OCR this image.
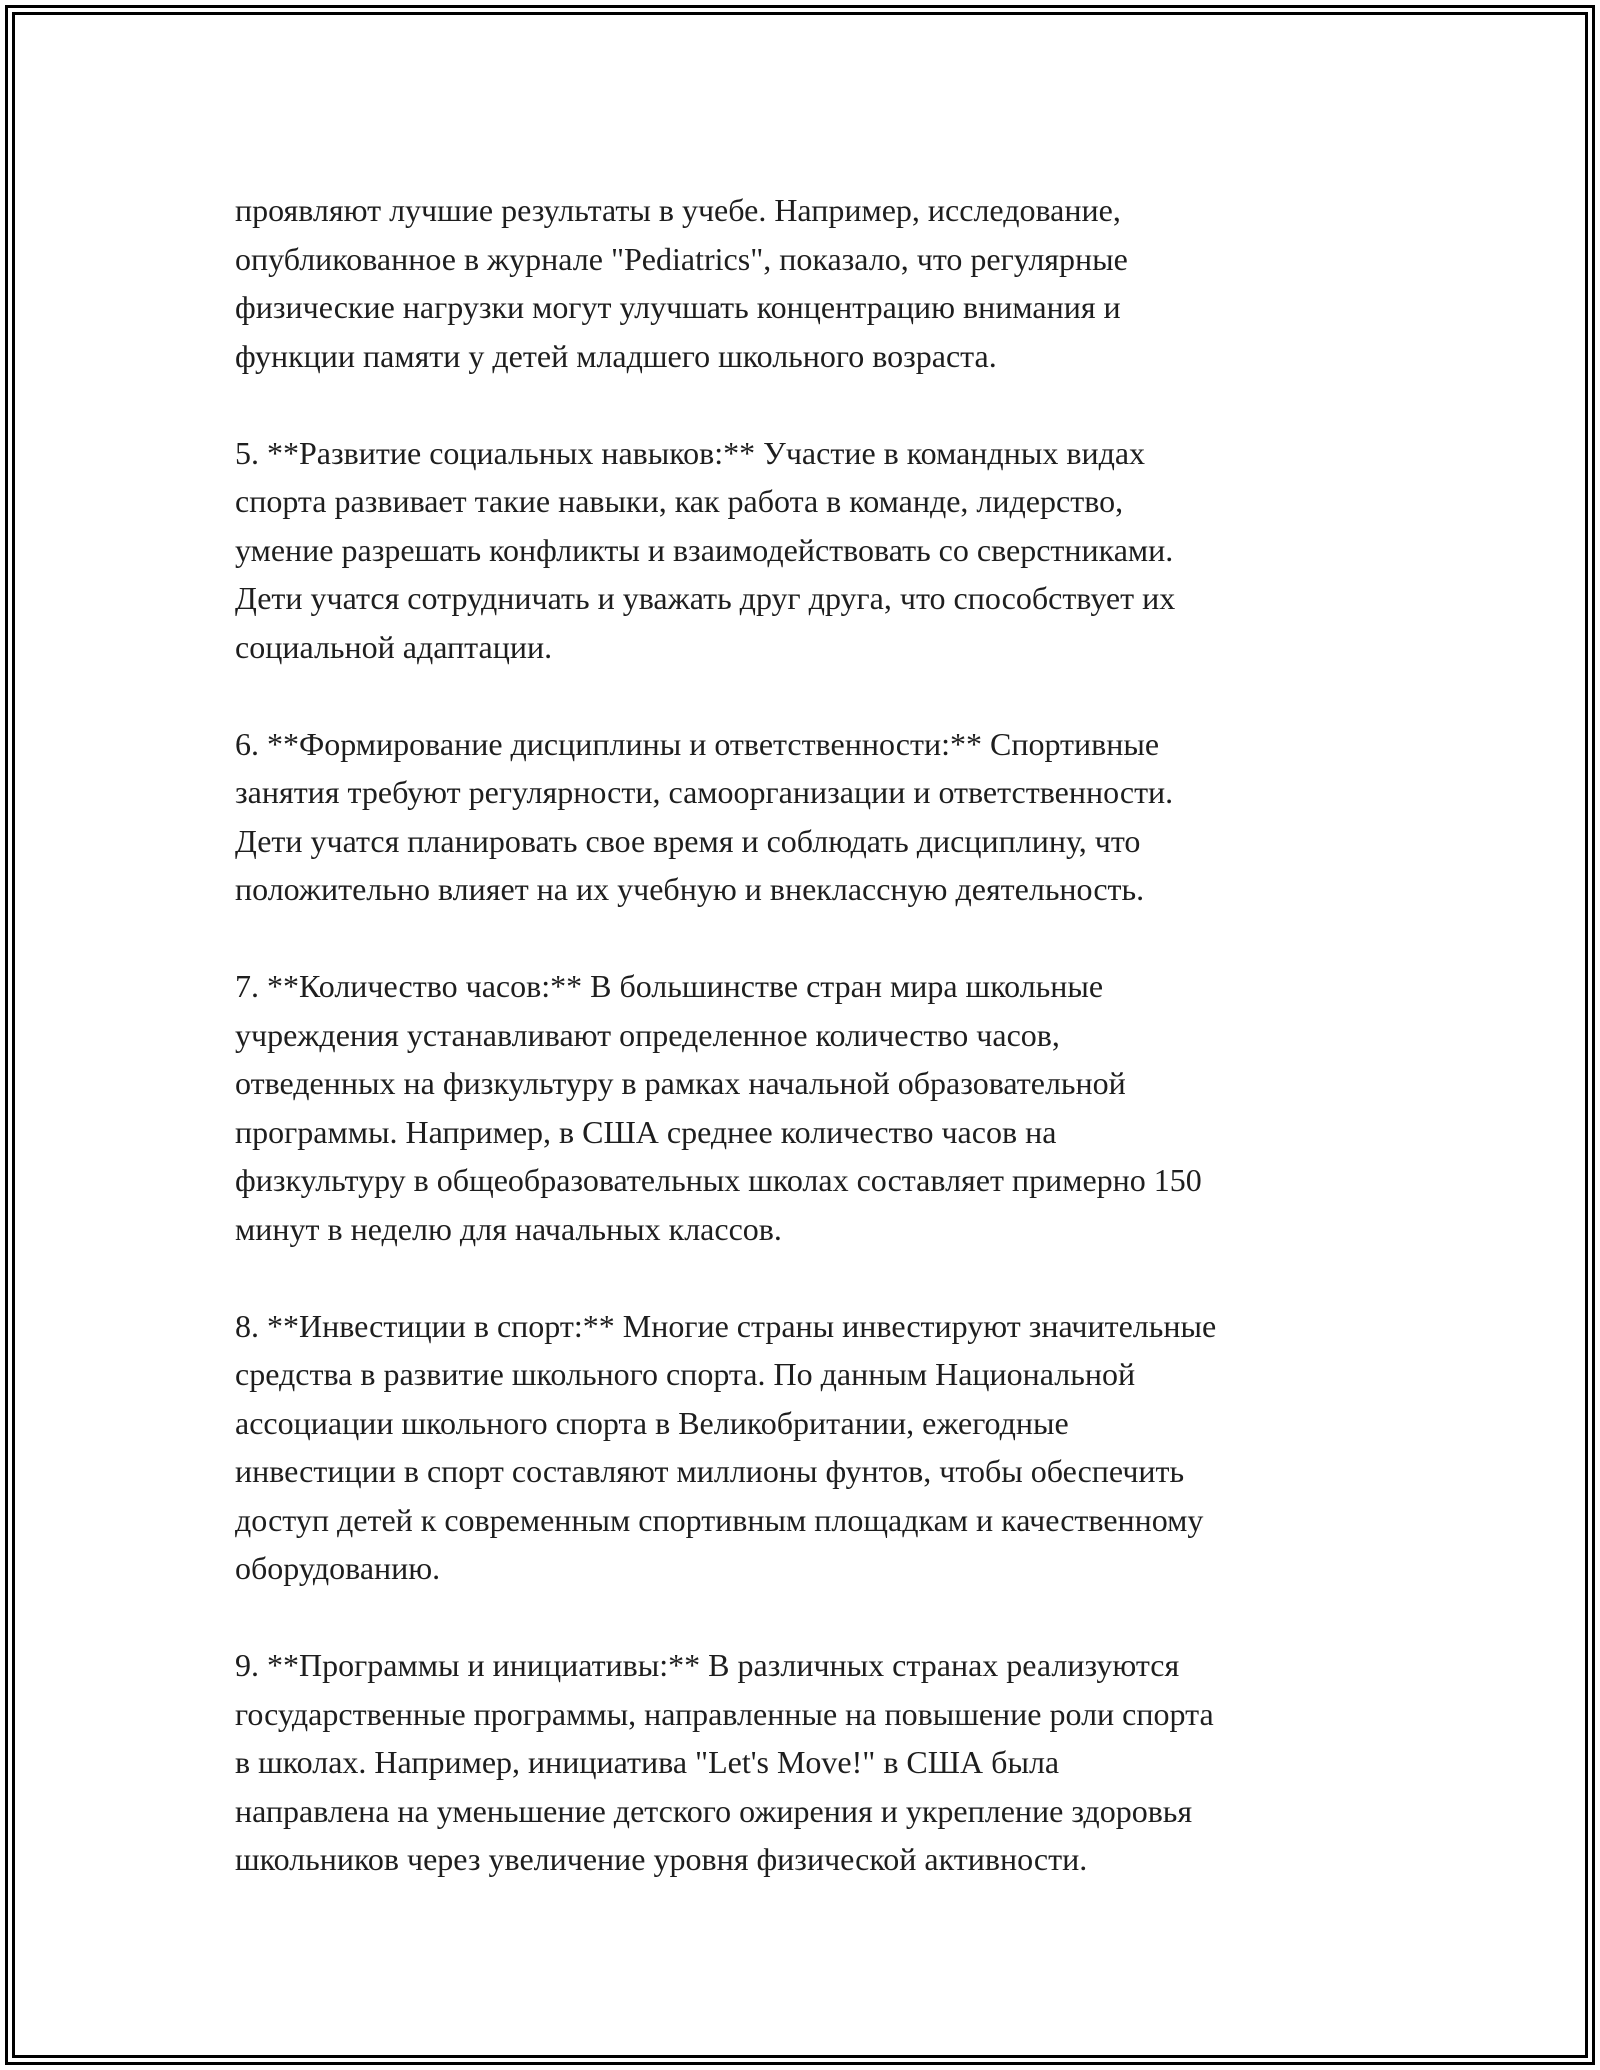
проявляют лучшие результаты в учебе. Например, исследование,
опубликованное в журнале "Pediatrics", показало, что регулярные
физические нагрузки могут улучшать концентрацию внимания и
функции памяти у детей младшего школьного возраста.

5. **Развитие социальных навыков:** Участие в командных видах
спорта развивает такие навыки, как работа в команде, лидерство,
умение разрешать конфликты и взаимодействовать со сверстниками.
Дети учатся сотрудничать и уважать друг друга, что способствует их
социальной адаптации.

6. **Формирование дисциплины и ответственности:** Спортивные
занятия требуют регулярности, самоорганизации и ответственности.
Дети учатся планировать свое время и соблюдать дисциплину, что
положительно влияет на их учебную и внеклассную деятельность.

7. **Количество часов:** В большинстве стран мира школьные
учреждения устанавливают определенное количество часов,
отведенных на физкультуру в рамках начальной образовательной
программы. Например, в США среднее количество часов на
физкультуру в общеобразовательных школах составляет примерно 150
минут в неделю для начальных классов.

8. **Инвестиции в спорт:** Многие страны инвестируют значительные
средства в развитие школьного спорта. По данным Национальной
ассоциации школьного спорта в Великобритании, ежегодные
инвестиции в спорт составляют миллионы фунтов, чтобы обеспечить
доступ детей к современным спортивным площадкам и качественному
оборудованию.

9. **Программы и инициативы:** В различных странах реализуются
государственные программы, направленные на повышение роли спорта
в школах. Например, инициатива "Let's Move!" в США была
направлена на уменьшение детского ожирения и укрепление здоровья
школьников через увеличение уровня физической активности.
